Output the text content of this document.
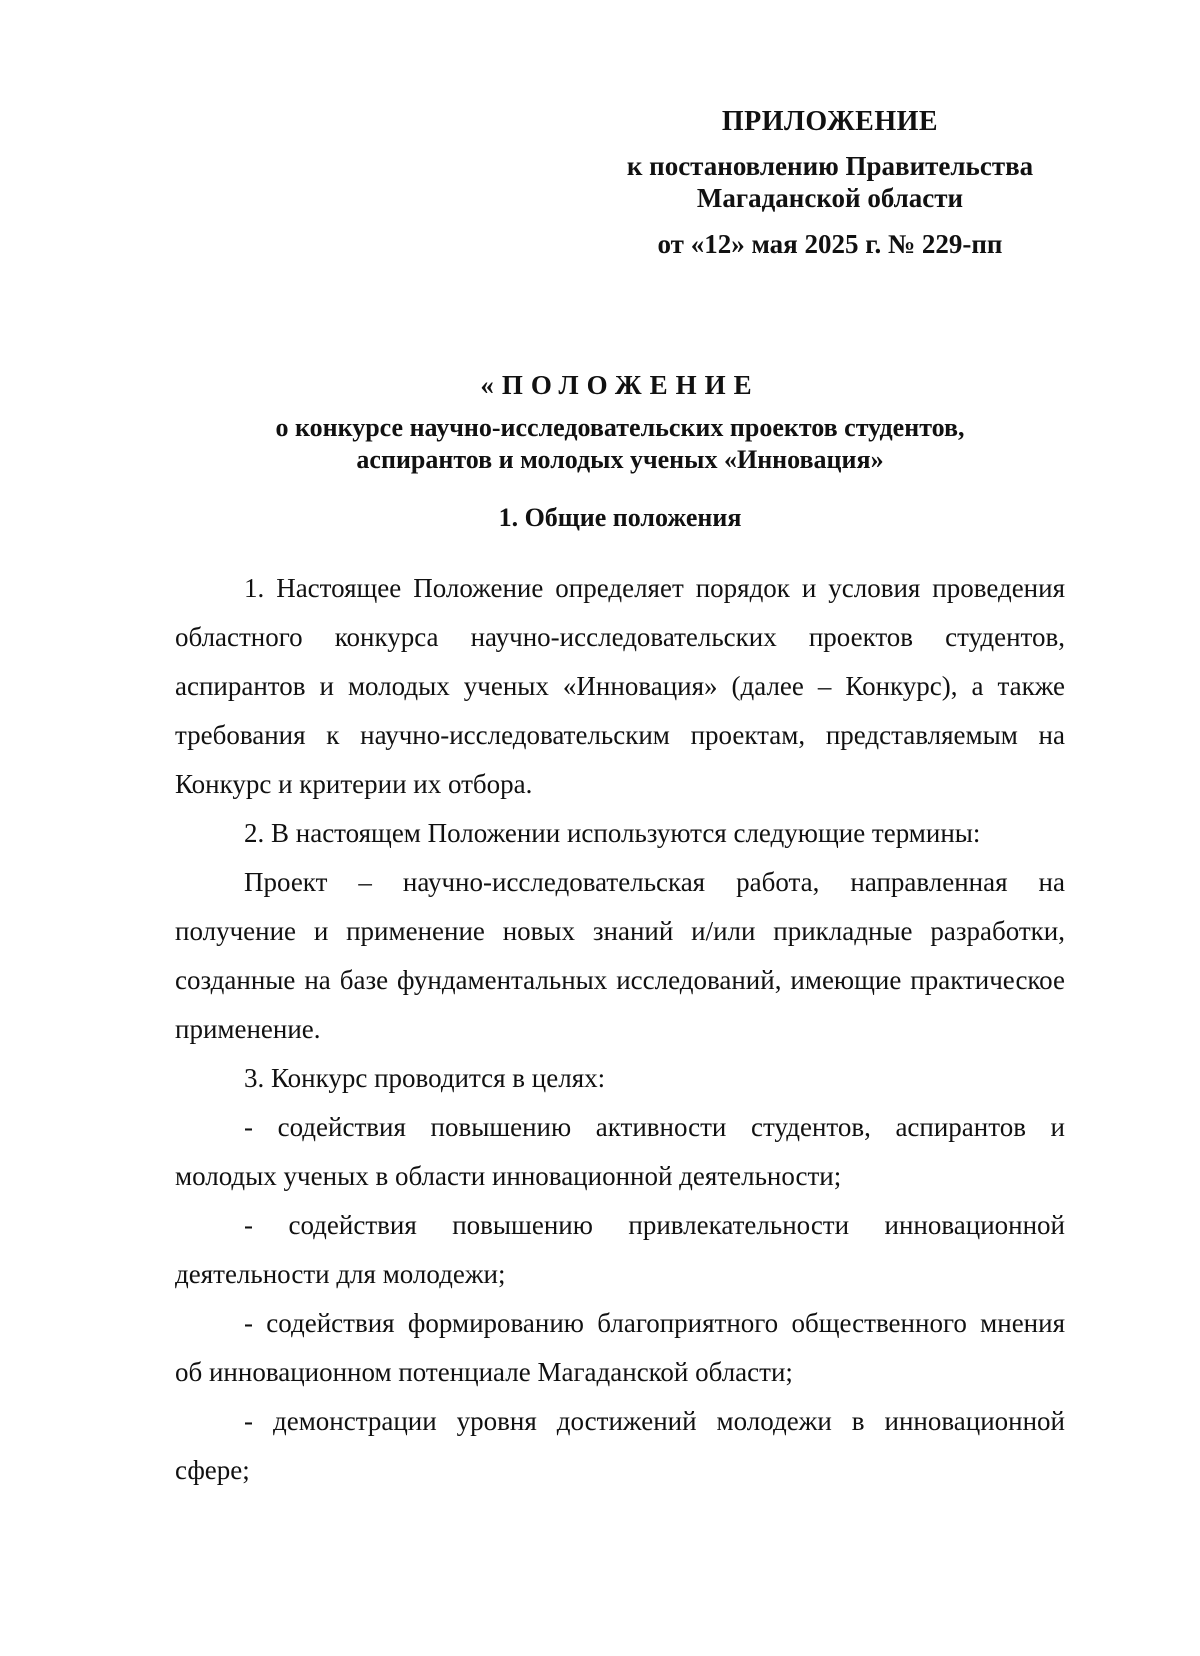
ПРИЛОЖЕНИЕ
к постановлению Правительства
Магаданской области
от «12» мая 2025 г. № 229-пп
«ПОЛОЖЕНИЕ
о конкурсе научно-исследовательских проектов студентов,
аспирантов и молодых ученых «Инновация»
1. Общие положения

1. Настоящее Положение определяет порядок и условия проведения областного конкурса научно-исследовательских проектов студентов, аспирантов и молодых ученых «Инновация» (далее – Конкурс), а также требования к научно-исследовательским проектам, представляемым на Конкурс и критерии их отбора.

2. В настоящем Положении используются следующие термины:

Проект – научно-исследовательская работа, направленная на получение и применение новых знаний и/или прикладные разработки, созданные на базе фундаментальных исследований, имеющие практическое применение.

3. Конкурс проводится в целях:

- содействия повышению активности студентов, аспирантов и молодых ученых в области инновационной деятельности;

- содействия повышению привлекательности инновационной деятельности для молодежи;

- содействия формированию благоприятного общественного мнения об инновационном потенциале Магаданской области;

- демонстрации уровня достижений молодежи в инновационной сфере;
